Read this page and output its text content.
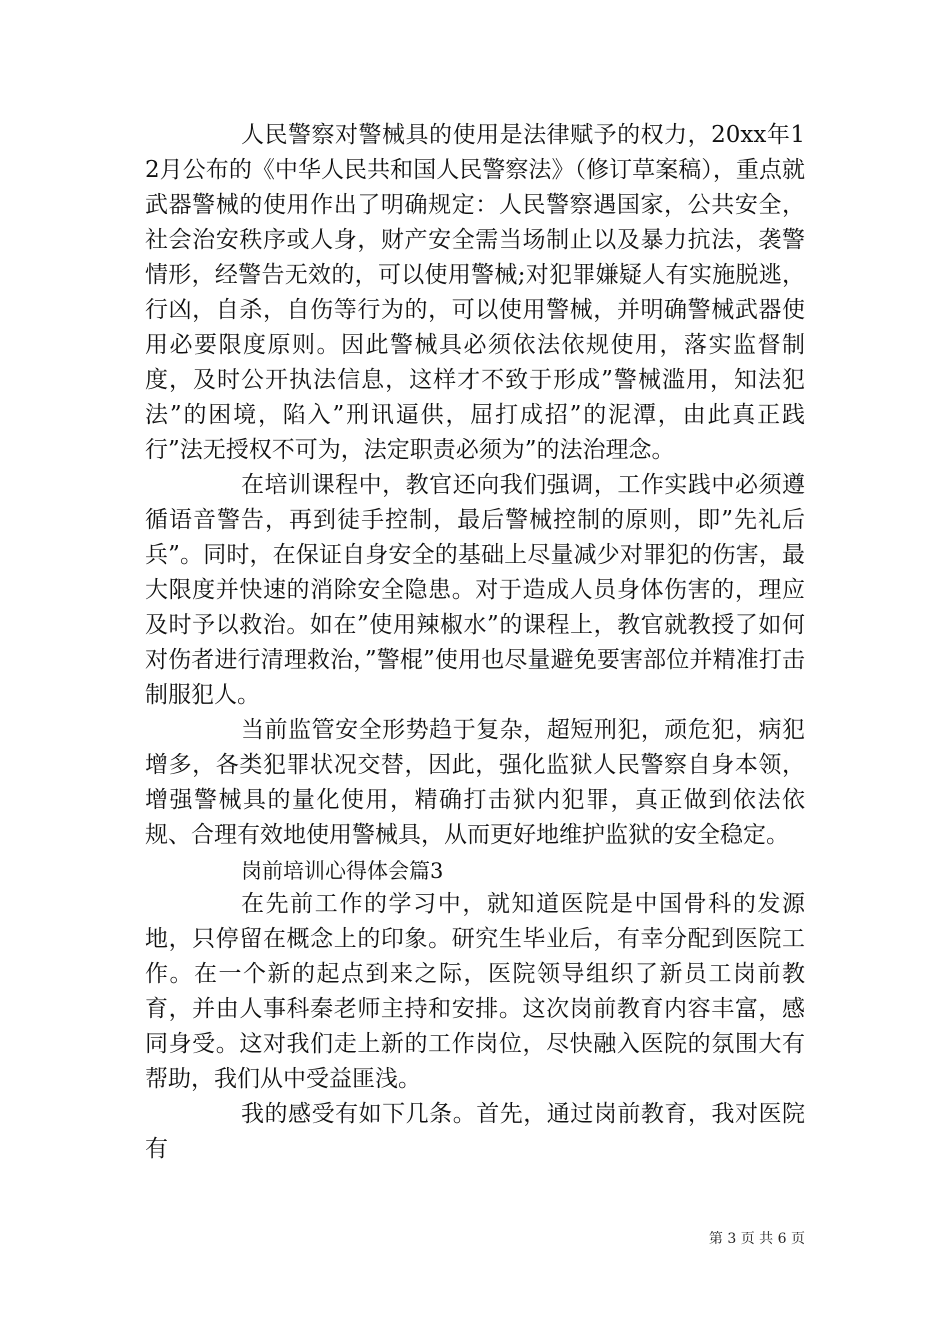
人民警察对警械具的使用是法律赋予的权力，20xx年12月公布的《中华人民共和国人民警察法》（修订草案稿），重点就武器警械的使用作出了明确规定：人民警察遇国家，公共安全，社会治安秩序或人身，财产安全需当场制止以及暴力抗法，袭警情形，经警告无效的，可以使用警械;对犯罪嫌疑人有实施脱逃，行凶，自杀，自伤等行为的，可以使用警械，并明确警械武器使用必要限度原则。因此警械具必须依法依规使用，落实监督制度，及时公开执法信息，这样才不致于形成”警械滥用，知法犯法”的困境，陷入”刑讯逼供，屈打成招”的泥潭，由此真正践行”法无授权不可为，法定职责必须为”的法治理念。

在培训课程中，教官还向我们强调，工作实践中必须遵循语音警告，再到徒手控制，最后警械控制的原则，即”先礼后兵”。同时，在保证自身安全的基础上尽量减少对罪犯的伤害，最大限度并快速的消除安全隐患。对于造成人员身体伤害的，理应及时予以救治。如在”使用辣椒水”的课程上，教官就教授了如何对伤者进行清理救治，”警棍”使用也尽量避免要害部位并精准打击制服犯人。

当前监管安全形势趋于复杂，超短刑犯，顽危犯，病犯增多，各类犯罪状况交替，因此，强化监狱人民警察自身本领，增强警械具的量化使用，精确打击狱内犯罪，真正做到依法依规、合理有效地使用警械具，从而更好地维护监狱的安全稳定。

岗前培训心得体会篇3

在先前工作的学习中，就知道医院是中国骨科的发源地，只停留在概念上的印象。研究生毕业后，有幸分配到医院工作。在一个新的起点到来之际，医院领导组织了新员工岗前教育，并由人事科秦老师主持和安排。这次岗前教育内容丰富，感同身受。这对我们走上新的工作岗位，尽快融入医院的氛围大有帮助，我们从中受益匪浅。

我的感受有如下几条。首先，通过岗前教育，我对医院有

第 3 页 共 6 页
